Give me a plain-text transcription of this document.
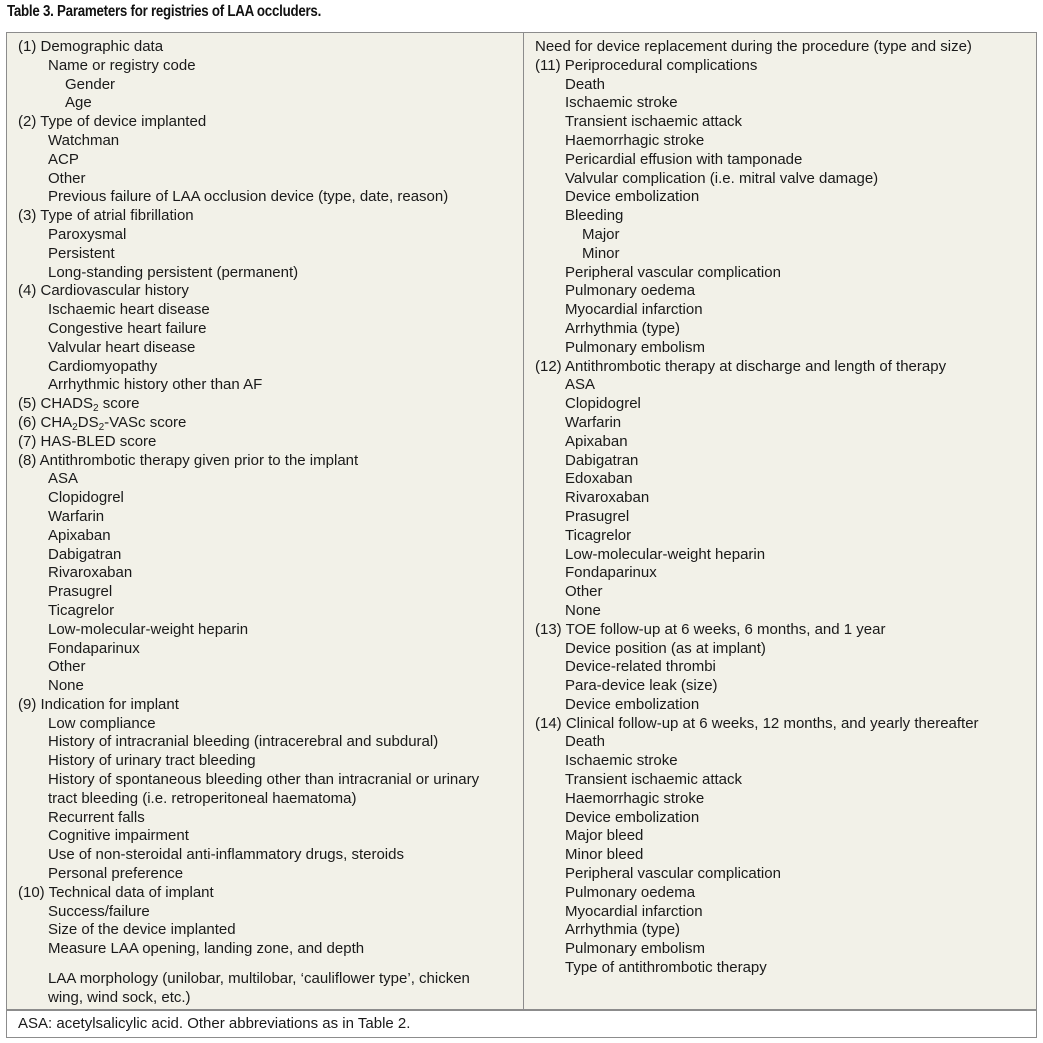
Table 3. Parameters for registries of LAA occluders.
(1) Demographic data
Name or registry code
Gender
Age
(2) Type of device implanted
Watchman
ACP
Other
Previous failure of LAA occlusion device (type, date, reason)
(3) Type of atrial fibrillation
Paroxysmal
Persistent
Long-standing persistent (permanent)
(4) Cardiovascular history
Ischaemic heart disease
Congestive heart failure
Valvular heart disease
Cardiomyopathy
Arrhythmic history other than AF
(5) $CHADS_2$ score
(6) $CHA_2DS_2$-VASc score
(7) HAS-BLED score
(8) Antithrombotic therapy given prior to the implant
ASA
Clopidogrel
Warfarin
Apixaban
Dabigatran
Rivaroxaban
Prasugrel
Ticagrelor
Low-molecular-weight heparin
Fondaparinux
Other
None
(9) Indication for implant
Low compliance
History of intracranial bleeding (intracerebral and subdural)
History of urinary tract bleeding
History of spontaneous bleeding other than intracranial or urinary
tract bleeding (i.e. retroperitoneal haematoma)
Recurrent falls
Cognitive impairment
Use of non-steroidal anti-inflammatory drugs, steroids
Personal preference
(10) Technical data of implant
Success/failure
Size of the device implanted
Measure LAA opening, landing zone, and depth
LAA morphology (unilobar, multilobar, ‘cauliflower type’, chicken
wing, wind sock, etc.)
Need for device replacement during the procedure (type and size)
(11) Periprocedural complications
Death
Ischaemic stroke
Transient ischaemic attack
Haemorrhagic stroke
Pericardial effusion with tamponade
Valvular complication (i.e. mitral valve damage)
Device embolization
Bleeding
Major
Minor
Peripheral vascular complication
Pulmonary oedema
Myocardial infarction
Arrhythmia (type)
Pulmonary embolism
(12) Antithrombotic therapy at discharge and length of therapy
ASA
Clopidogrel
Warfarin
Apixaban
Dabigatran
Edoxaban
Rivaroxaban
Prasugrel
Ticagrelor
Low-molecular-weight heparin
Fondaparinux
Other
None
(13) TOE follow-up at 6 weeks, 6 months, and 1 year
Device position (as at implant)
Device-related thrombi
Para-device leak (size)
Device embolization
(14) Clinical follow-up at 6 weeks, 12 months, and yearly thereafter
Death
Ischaemic stroke
Transient ischaemic attack
Haemorrhagic stroke
Device embolization
Major bleed
Minor bleed
Peripheral vascular complication
Pulmonary oedema
Myocardial infarction
Arrhythmia (type)
Pulmonary embolism
Type of antithrombotic therapy
ASA: acetylsalicylic acid. Other abbreviations as in Table 2.
